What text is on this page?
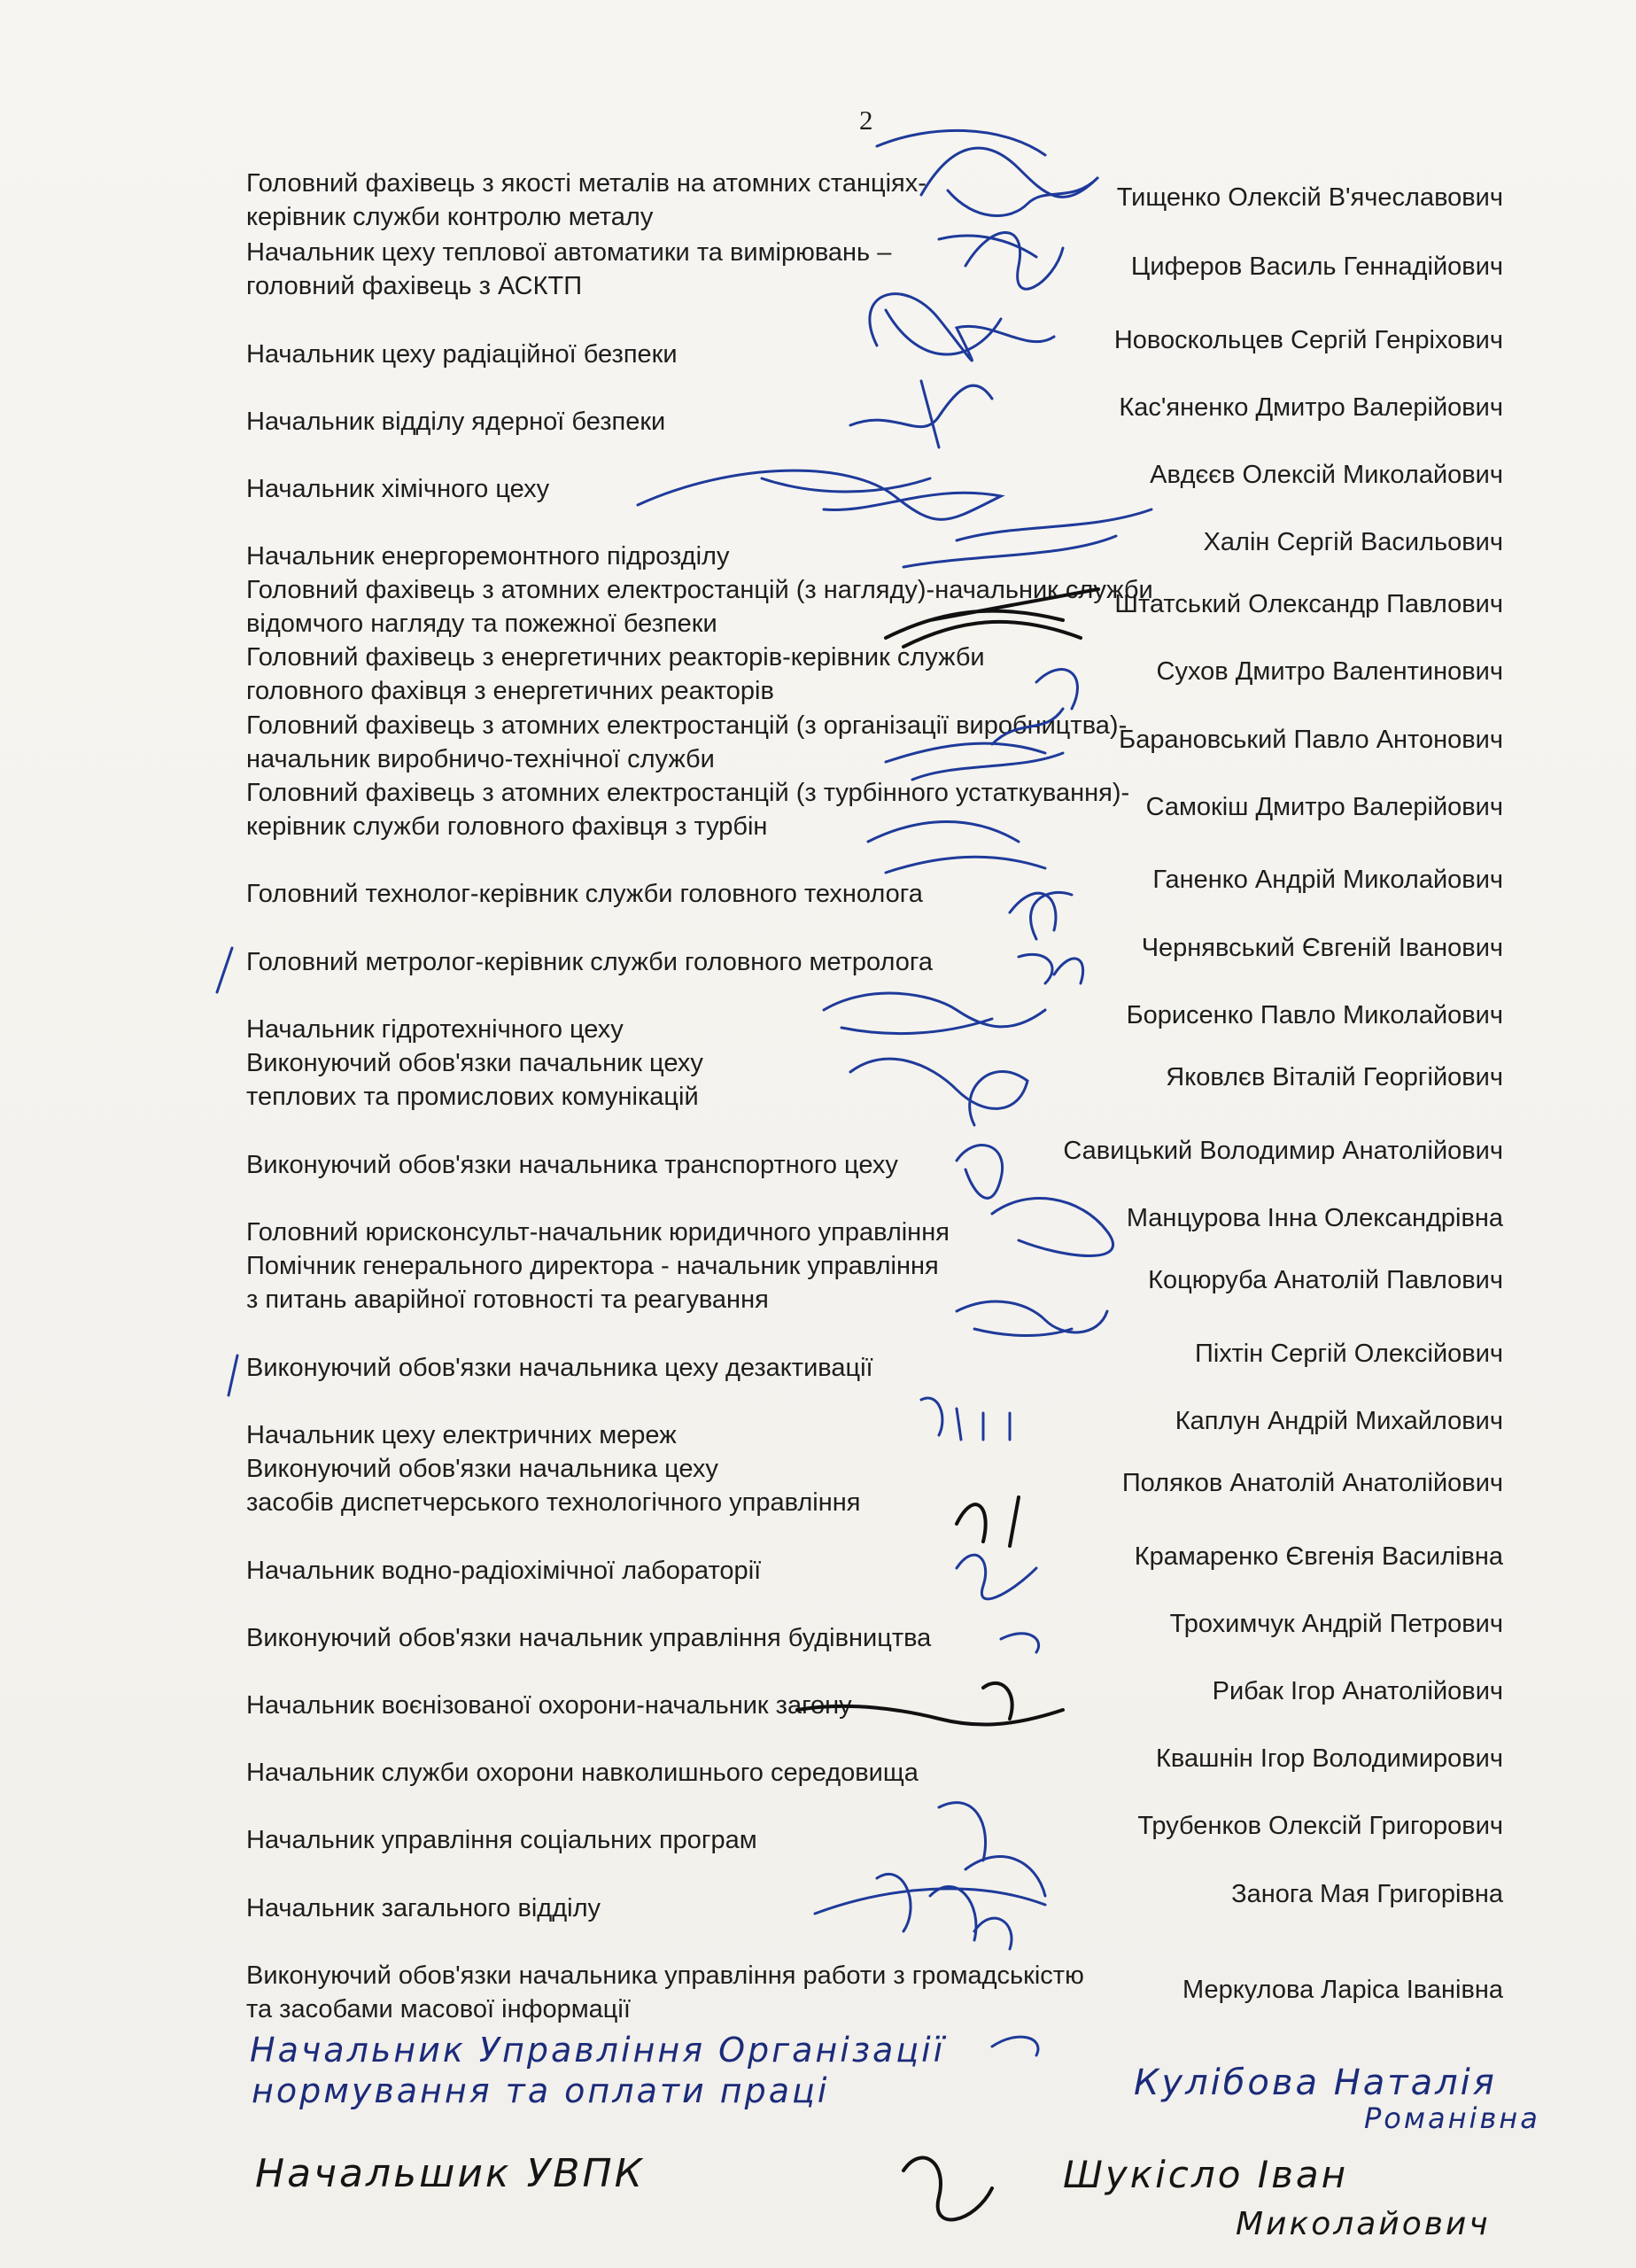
2
Головний фахівець з якості металів на атомних станціях-
керівник служби контролю металу
Тищенко Олексій В'ячеславович
Начальник цеху теплової автоматики та вимірювань –
головний фахівець з АСКТП
Циферов Василь Геннадійович
Начальник цеху радіаційної безпеки	Новоскольцев Сергій Генріхович
Начальник відділу ядерної безпеки	Кас'яненко Дмитро Валерійович
Начальник хімічного цеху	Авдєєв Олексій Миколайович
Начальник енергоремонтного підрозділу	Халін Сергій Васильович
Головний фахівець з атомних електростанцій (з нагляду)-начальник служби
відомчого нагляду та пожежної безпеки
Штатський Олександр Павлович
Головний фахівець з енергетичних реакторів-керівник служби
головного фахівця з енергетичних реакторів
Сухов Дмитро Валентинович
Головний фахівець з атомних електростанцій (з організації виробництва)-
начальник виробничо-технічної служби
Барановський Павло Антонович
Головний фахівець з атомних електростанцій (з турбінного устаткування)-
керівник служби головного фахівця з турбін
Самокіш Дмитро Валерійович
Головний технолог-керівник служби головного технолога	Ганенко Андрій Миколайович
Головний метролог-керівник служби головного метролога	Чернявський Євгеній Іванович
Начальник гідротехнічного цеху	Борисенко Павло Миколайович
Виконуючий обов'язки пачальник цеху
теплових та промислових комунікацій
Яковлєв Віталій Георгійович
Виконуючий обов'язки начальника транспортного цеху	Савицький Володимир Анатолійович
Головний юрисконсульт-начальник юридичного управління	Манцурова Інна Олександрівна
Помічник генерального директора - начальник управління
з питань аварійної готовності та реагування
Коцюруба Анатолій Павлович
Виконуючий обов'язки начальника цеху дезактивації	Піхтін Сергій Олексійович
Начальник цеху електричних мереж	Каплун Андрій Михайлович
Виконуючий обов'язки начальника цеху
засобів диспетчерського технологічного управління
Поляков Анатолій Анатолійович
Начальник водно-радіохімічної лабораторії	Крамаренко Євгенія Василівна
Виконуючий обов'язки начальник управління будівництва	Трохимчук Андрій Петрович
Начальник воєнізованої охорони-начальник загону	Рибак Ігор Анатолійович
Начальник служби охорони навколишнього середовища	Квашнін Ігор Володимирович
Начальник управління соціальних програм	Трубенков Олексій Григорович
Начальник загального відділу	Занога Мая Григорівна
Виконуючий обов'язки начальника управління работи з громадськістю
та засобами масової інформації
Меркулова Ларіса Іванівна
Начальник Управління Організації
нормування та оплати праці	Кулібова Наталія
Романівна
Начальшик УВПК	Шукісло Іван
Миколайович
